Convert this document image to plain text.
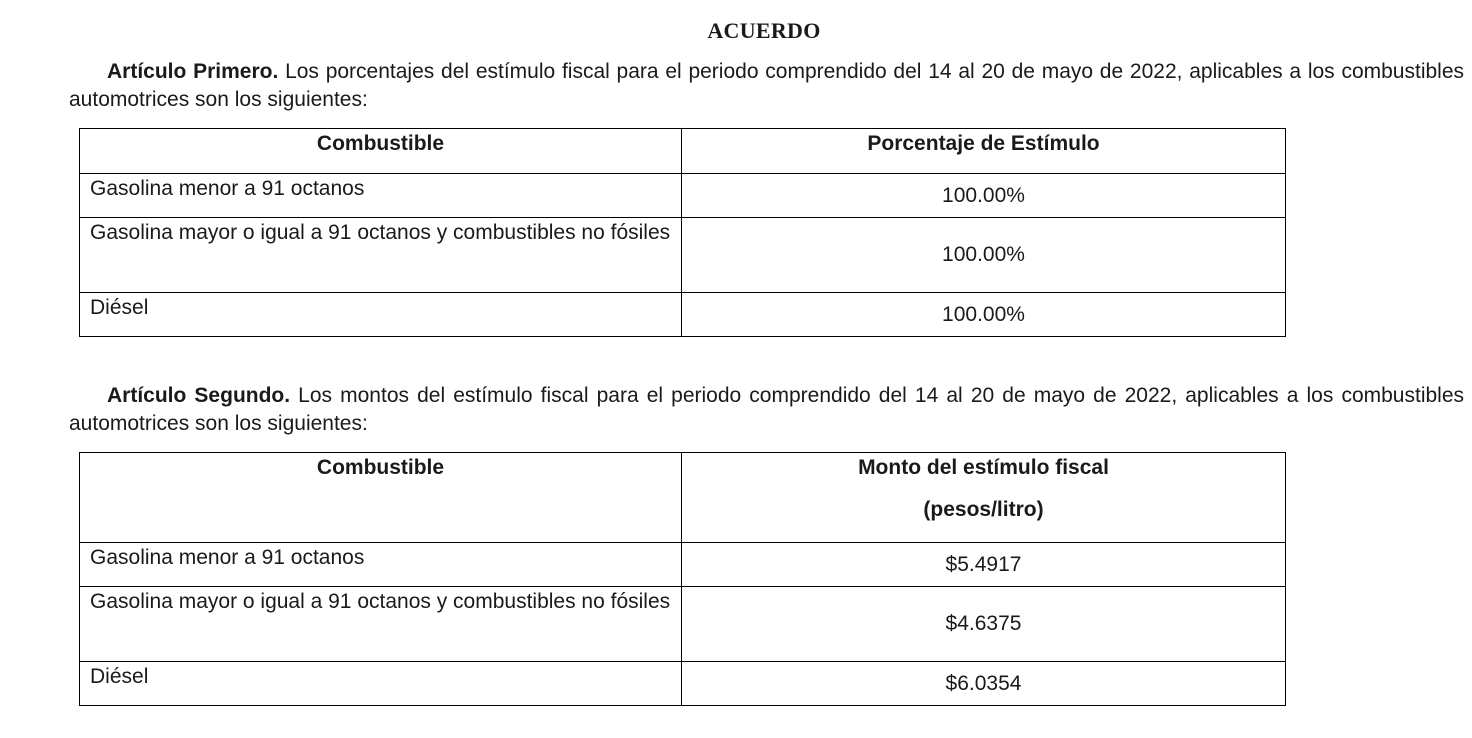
ACUERDO

Artículo Primero. Los porcentajes del estímulo fiscal para el periodo comprendido del 14 al 20 de mayo de 2022, aplicables a los combustibles automotrices son los siguientes:

Combustible	Porcentaje de Estímulo
Gasolina menor a 91 octanos	100.00%
Gasolina mayor o igual a 91 octanos y combustibles no fósiles	100.00%
Diésel	100.00%

Artículo Segundo. Los montos del estímulo fiscal para el periodo comprendido del 14 al 20 de mayo de 2022, aplicables a los combustibles automotrices son los siguientes:

Combustible	Monto del estímulo fiscal
(pesos/litro)

Gasolina menor a 91 octanos	$5.4917
Gasolina mayor o igual a 91 octanos y combustibles no fósiles	$4.6375
Diésel	$6.0354
